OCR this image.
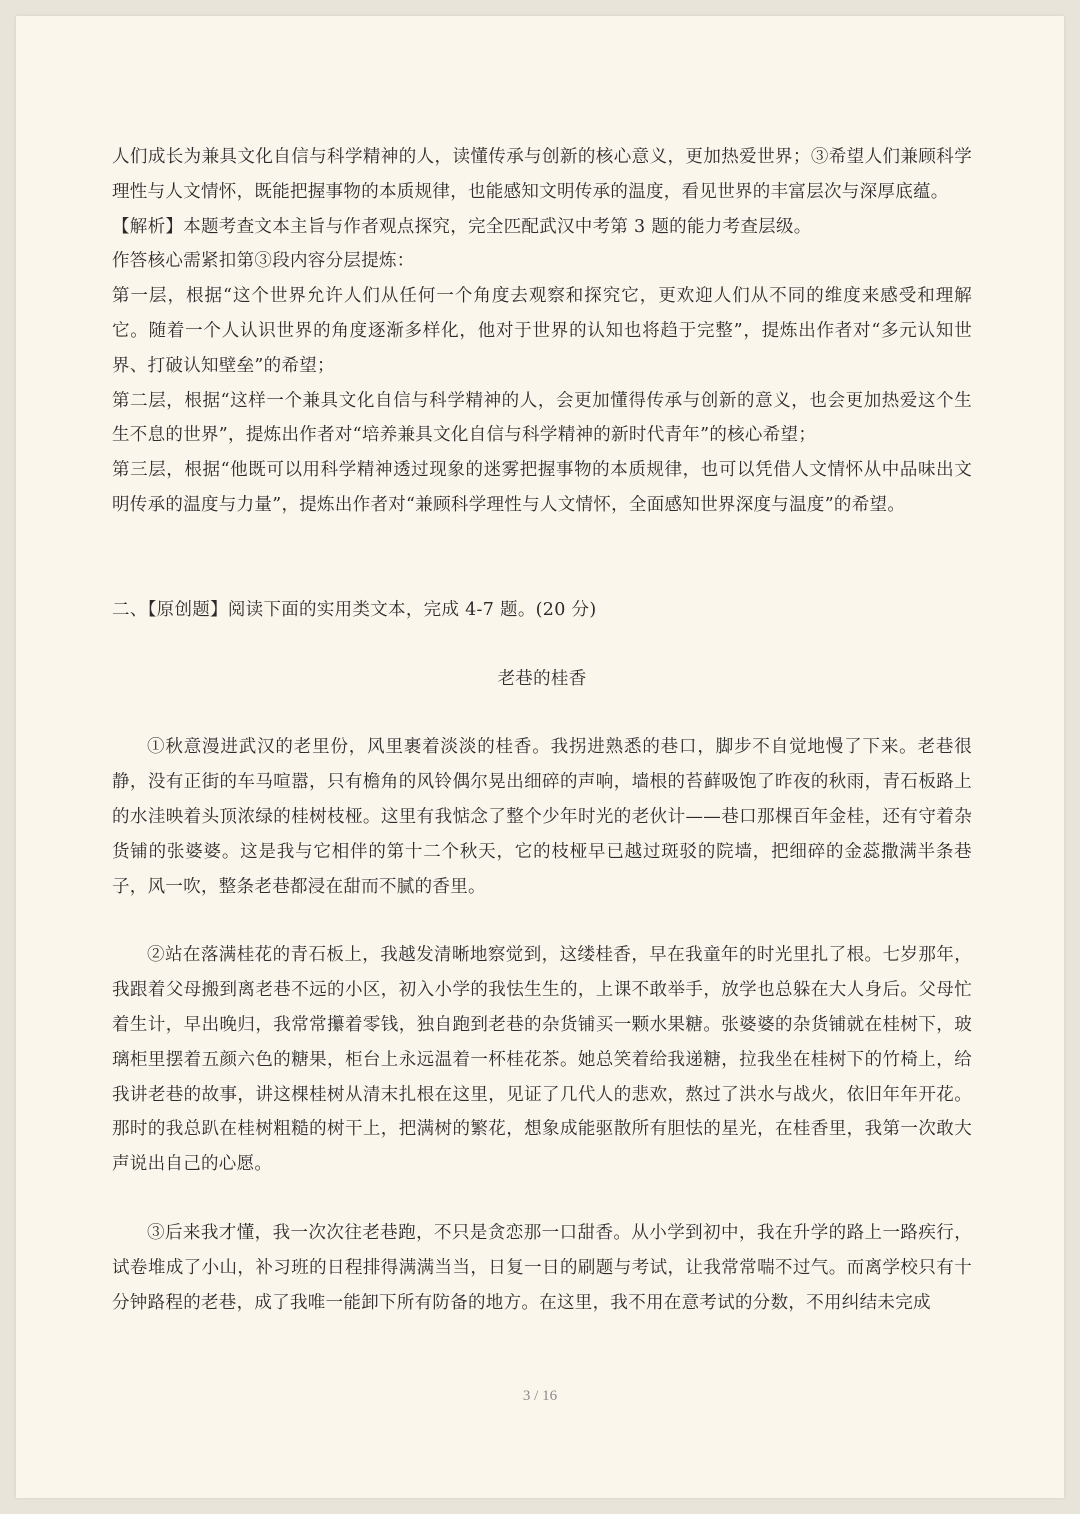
人们成长为兼具文化自信与科学精神的人，读懂传承与创新的核心意义，更加热爱世界；③希望人们兼顾科学理性与人文情怀，既能把握事物的本质规律，也能感知文明传承的温度，看见世界的丰富层次与深厚底蕴。

【解析】本题考查文本主旨与作者观点探究，完全匹配武汉中考第 3 题的能力考查层级。

作答核心需紧扣第③段内容分层提炼：

第一层，根据“这个世界允许人们从任何一个角度去观察和探究它，更欢迎人们从不同的维度来感受和理解它。随着一个人认识世界的角度逐渐多样化，他对于世界的认知也将趋于完整”，提炼出作者对“多元认知世界、打破认知壁垒”的希望；

第二层，根据“这样一个兼具文化自信与科学精神的人，会更加懂得传承与创新的意义，也会更加热爱这个生生不息的世界”，提炼出作者对“培养兼具文化自信与科学精神的新时代青年”的核心希望；

第三层，根据“他既可以用科学精神透过现象的迷雾把握事物的本质规律，也可以凭借人文情怀从中品味出文明传承的温度与力量”，提炼出作者对“兼顾科学理性与人文情怀，全面感知世界深度与温度”的希望。

二、【原创题】阅读下面的实用类文本，完成 4-7 题。(20 分)

老巷的桂香

①秋意漫进武汉的老里份，风里裹着淡淡的桂香。我拐进熟悉的巷口，脚步不自觉地慢了下来。老巷很静，没有正街的车马喧嚣，只有檐角的风铃偶尔晃出细碎的声响，墙根的苔藓吸饱了昨夜的秋雨，青石板路上的水洼映着头顶浓绿的桂树枝桠。这里有我惦念了整个少年时光的老伙计——巷口那棵百年金桂，还有守着杂货铺的张婆婆。这是我与它相伴的第十二个秋天，它的枝桠早已越过斑驳的院墙，把细碎的金蕊撒满半条巷子，风一吹，整条老巷都浸在甜而不腻的香里。

②站在落满桂花的青石板上，我越发清晰地察觉到，这缕桂香，早在我童年的时光里扎了根。七岁那年，我跟着父母搬到离老巷不远的小区，初入小学的我怯生生的，上课不敢举手，放学也总躲在大人身后。父母忙着生计，早出晚归，我常常攥着零钱，独自跑到老巷的杂货铺买一颗水果糖。张婆婆的杂货铺就在桂树下，玻璃柜里摆着五颜六色的糖果，柜台上永远温着一杯桂花茶。她总笑着给我递糖，拉我坐在桂树下的竹椅上，给我讲老巷的故事，讲这棵桂树从清末扎根在这里，见证了几代人的悲欢，熬过了洪水与战火，依旧年年开花。那时的我总趴在桂树粗糙的树干上，把满树的繁花，想象成能驱散所有胆怯的星光，在桂香里，我第一次敢大声说出自己的心愿。

③后来我才懂，我一次次往老巷跑，不只是贪恋那一口甜香。从小学到初中，我在升学的路上一路疾行，试卷堆成了小山，补习班的日程排得满满当当，日复一日的刷题与考试，让我常常喘不过气。而离学校只有十分钟路程的老巷，成了我唯一能卸下所有防备的地方。在这里，我不用在意考试的分数，不用纠结未完成

3 / 16
